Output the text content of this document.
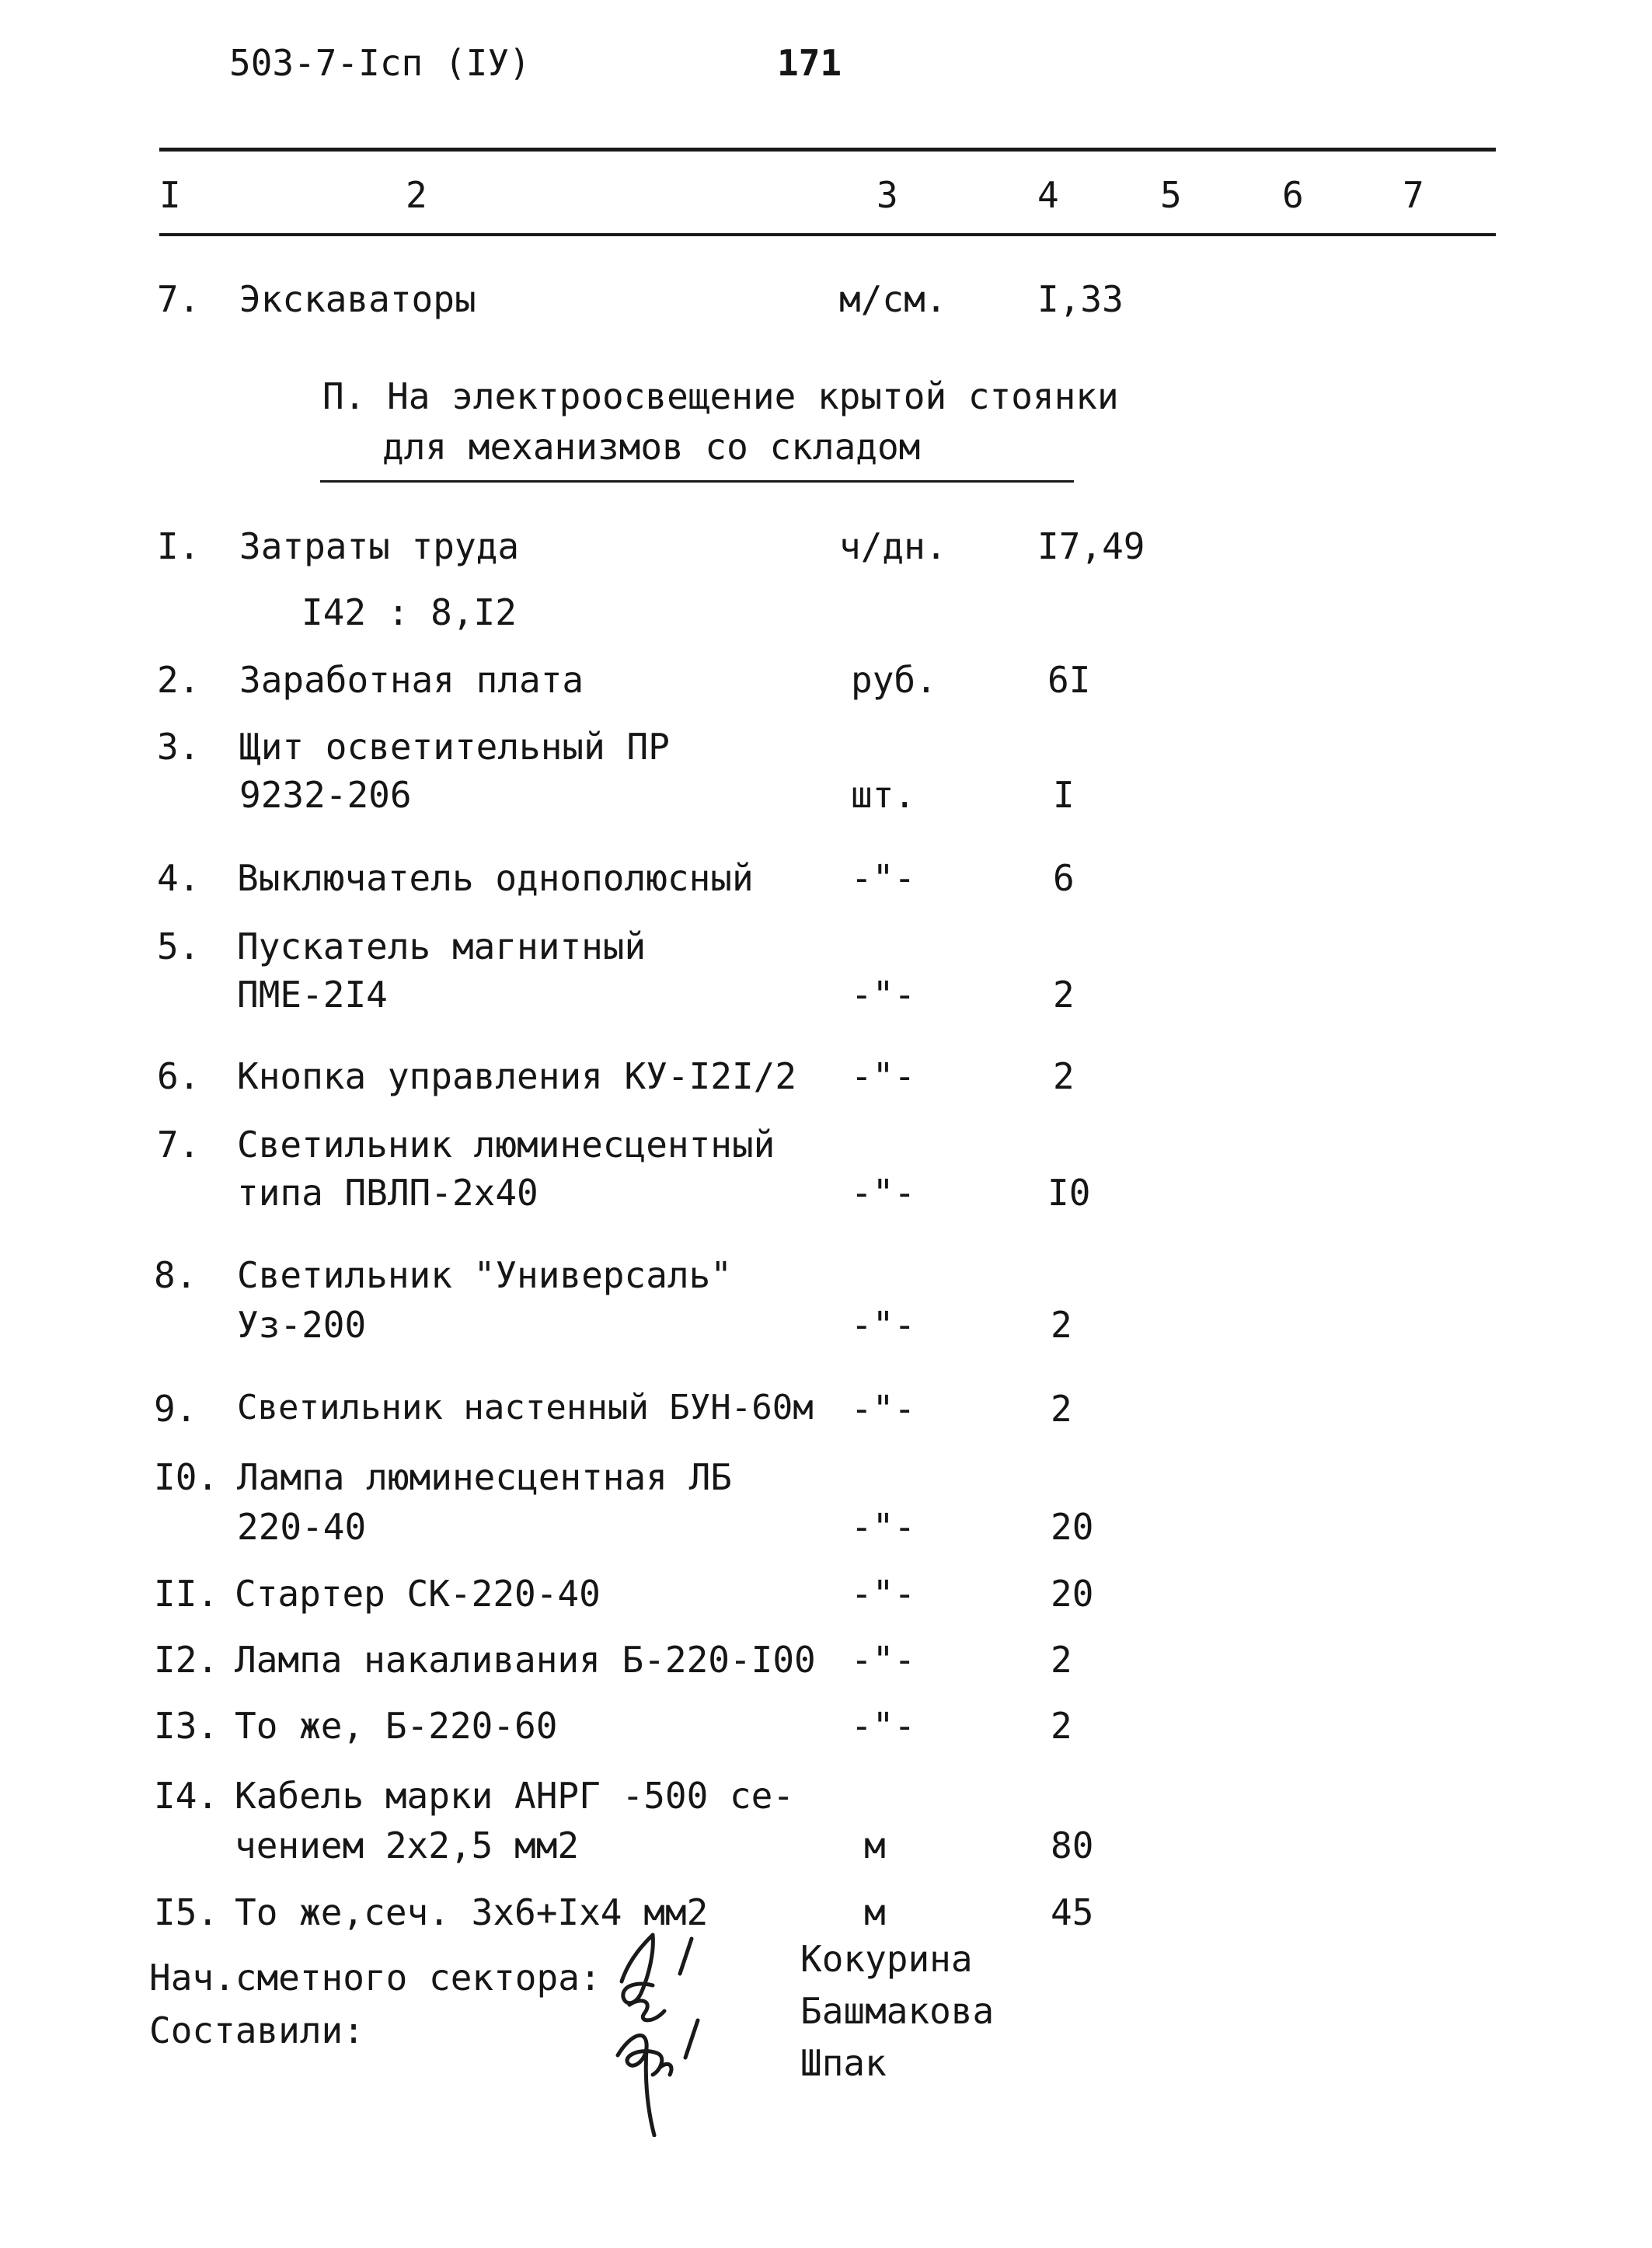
503-7-Iсп (IУ)	171
I	2	3	4	5	6	7
7. Экскаваторы	м/см.	I,33
П. На электроосвещение крытой стоянки
для механизмов со складом
I. Затраты труда	ч/дн.	I7,49
I42 : 8,I2
2. Заработная плата	руб.	6I
3. Щит осветительный ПР
9232-206	шт.	I
4. Выключатель однополюсный	-"-	6
5. Пускатель магнитный
ПМЕ-2I4	-"-	2
6. Кнопка управления КУ-I2I/2 -"-	2
7. Светильник люминесцентный
типа ПВЛП-2х40	-"-	I0
8. Светильник "Универсаль"
Уз-200	-"-	2
9. Светильник настенный БУН-60м -"-	2
I0. Лампа люминесцентная ЛБ
220-40	-"-	20
II. Стартер СК-220-40	-"-	20
I2. Лампа накаливания Б-220-I00 -"-	2
I3. То же, Б-220-60	-"-	2
I4. Кабель марки АНРГ -500 се-
чением 2х2,5 мм2	м	80
I5. То же,сеч. 3х6+Iх4 мм2	м	45
Нач.сметного сектора:
Составили:
Кокурина
Башмакова
Шпак
